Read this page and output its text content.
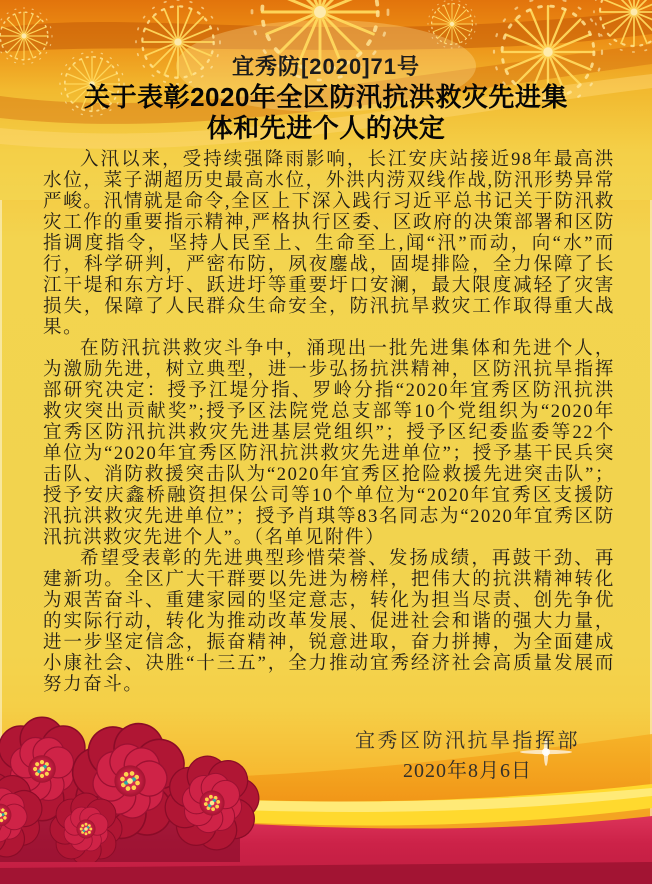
宜秀防[2020]71号
关于表彰2020年全区防汛抗洪救灾先进集
体和先进个人的决定

入汛以来，受持续强降雨影响，长江安庆站接近98年最高洪水位，菜子湖超历史最高水位，外洪内涝双线作战,防汛形势异常严峻。汛情就是命令,全区上下深入践行习近平总书记关于防汛救灾工作的重要指示精神,严格执行区委、区政府的决策部署和区防指调度指令，坚持人民至上、生命至上,闻“汛”而动，向“水”而行，科学研判，严密布防，夙夜鏖战，固堤排险，全力保障了长江干堤和东方圩、跃进圩等重要圩口安澜，最大限度减轻了灾害损失，保障了人民群众生命安全，防汛抗旱救灾工作取得重大战果。

在防汛抗洪救灾斗争中，涌现出一批先进集体和先进个人，为激励先进，树立典型，进一步弘扬抗洪精神，区防汛抗旱指挥部研究决定：授予江堤分指、罗岭分指“2020年宜秀区防汛抗洪救灾突出贡献奖”;授予区法院党总支部等10个党组织为“2020年宜秀区防汛抗洪救灾先进基层党组织”；授予区纪委监委等22个单位为“2020年宜秀区防汛抗洪救灾先进单位”；授予基干民兵突击队、消防救援突击队为“2020年宜秀区抢险救援先进突击队”；授予安庆鑫桥融资担保公司等10个单位为“2020年宜秀区支援防汛抗洪救灾先进单位”；授予肖琪等83名同志为“2020年宜秀区防汛抗洪救灾先进个人”。（名单见附件）

希望受表彰的先进典型珍惜荣誉、发扬成绩，再鼓干劲、再建新功。全区广大干群要以先进为榜样，把伟大的抗洪精神转化为艰苦奋斗、重建家园的坚定意志，转化为担当尽责、创先争优的实际行动，转化为推动改革发展、促进社会和谐的强大力量，进一步坚定信念，振奋精神，锐意进取，奋力拼搏，为全面建成小康社会、决胜“十三五”，全力推动宜秀经济社会高质量发展而努力奋斗。

宜秀区防汛抗旱指挥部
2020年8月6日
